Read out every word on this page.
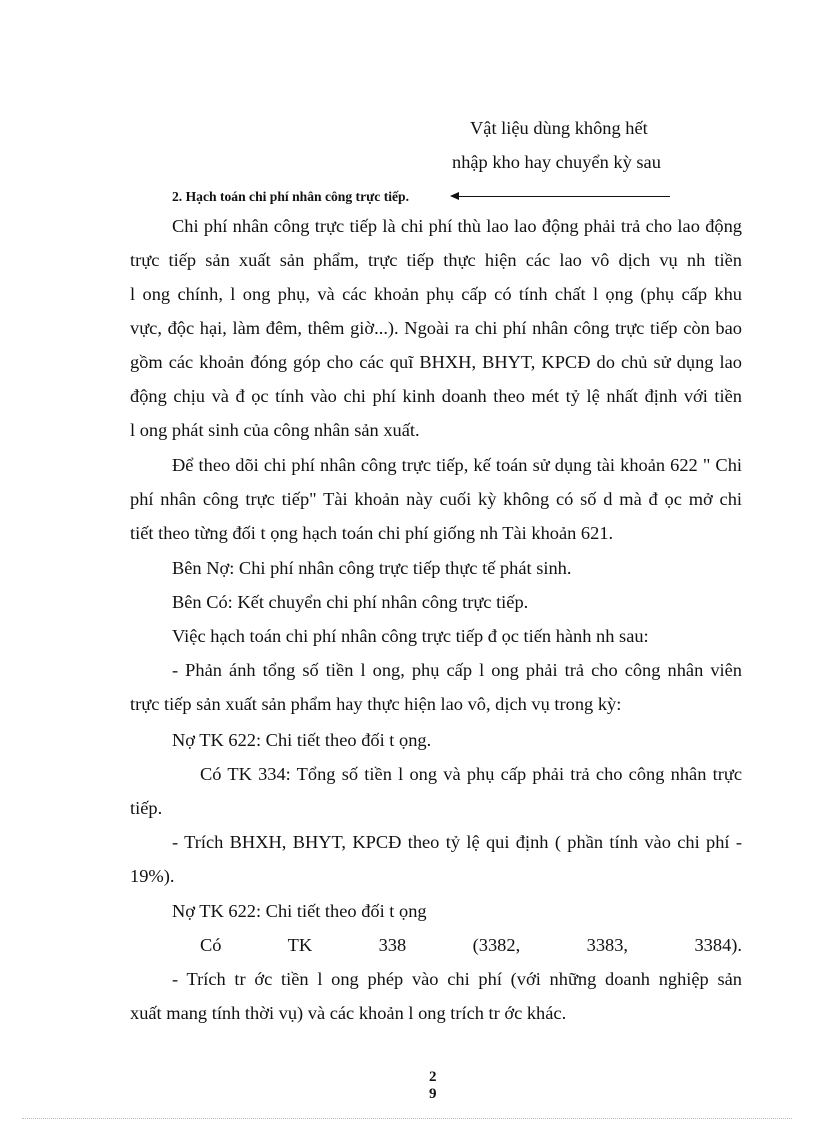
Vật liệu dùng không hết
nhập kho hay chuyển kỳ sau
2. Hạch toán chi phí nhân công trực tiếp.
Chi phí nhân công trực tiếp là chi phí thù lao lao động phải trả cho lao động
trực tiếp sản xuất sản phẩm, trực tiếp thực hiện các lao vô dịch vụ nh tiền
l ong chính, l ong phụ, và các khoản phụ cấp có tính chất l ọng (phụ cấp khu
vực, độc hại, làm đêm, thêm giờ...). Ngoài ra chi phí nhân công trực tiếp còn bao
gồm các khoản đóng góp cho các quĩ BHXH, BHYT, KPCĐ do chủ sử dụng lao
động chịu và đ ọc tính vào chi phí kinh doanh theo mét tỷ lệ nhất định với tiền
l ong phát sinh của công nhân sản xuất.
Để theo dõi chi phí nhân công trực tiếp, kế toán sử dụng tài khoản 622 " Chi
phí nhân công trực tiếp" Tài khoản này cuối kỳ không có số d mà đ ọc mở chi
tiết theo từng đối t ọng hạch toán chi phí giống nh Tài khoản 621.
Bên Nợ: Chi phí nhân công trực tiếp thực tế phát sinh.
Bên Có: Kết chuyển chi phí nhân công trực tiếp.
Việc hạch toán chi phí nhân công trực tiếp đ ọc tiến hành nh sau:
- Phản ánh tổng số tiền l ong, phụ cấp l ong phải trả cho công nhân viên
trực tiếp sản xuất sản phẩm hay thực hiện lao vô, dịch vụ trong kỳ:
Nợ TK 622: Chi tiết theo đối t ọng.
Có TK 334: Tổng số tiền l ong và phụ cấp phải trả cho công nhân trực
tiếp.
- Trích BHXH, BHYT, KPCĐ theo tỷ lệ qui định ( phần tính vào chi phí -
19%).
Nợ TK 622: Chi tiết theo đối t ọng
Có TK 338 (3382, 3383, 3384).
- Trích tr ớc tiền l ong phép vào chi phí (với những doanh nghiệp sản
xuất mang tính thời vụ) và các khoản l ong trích tr ớc khác.
2
9
